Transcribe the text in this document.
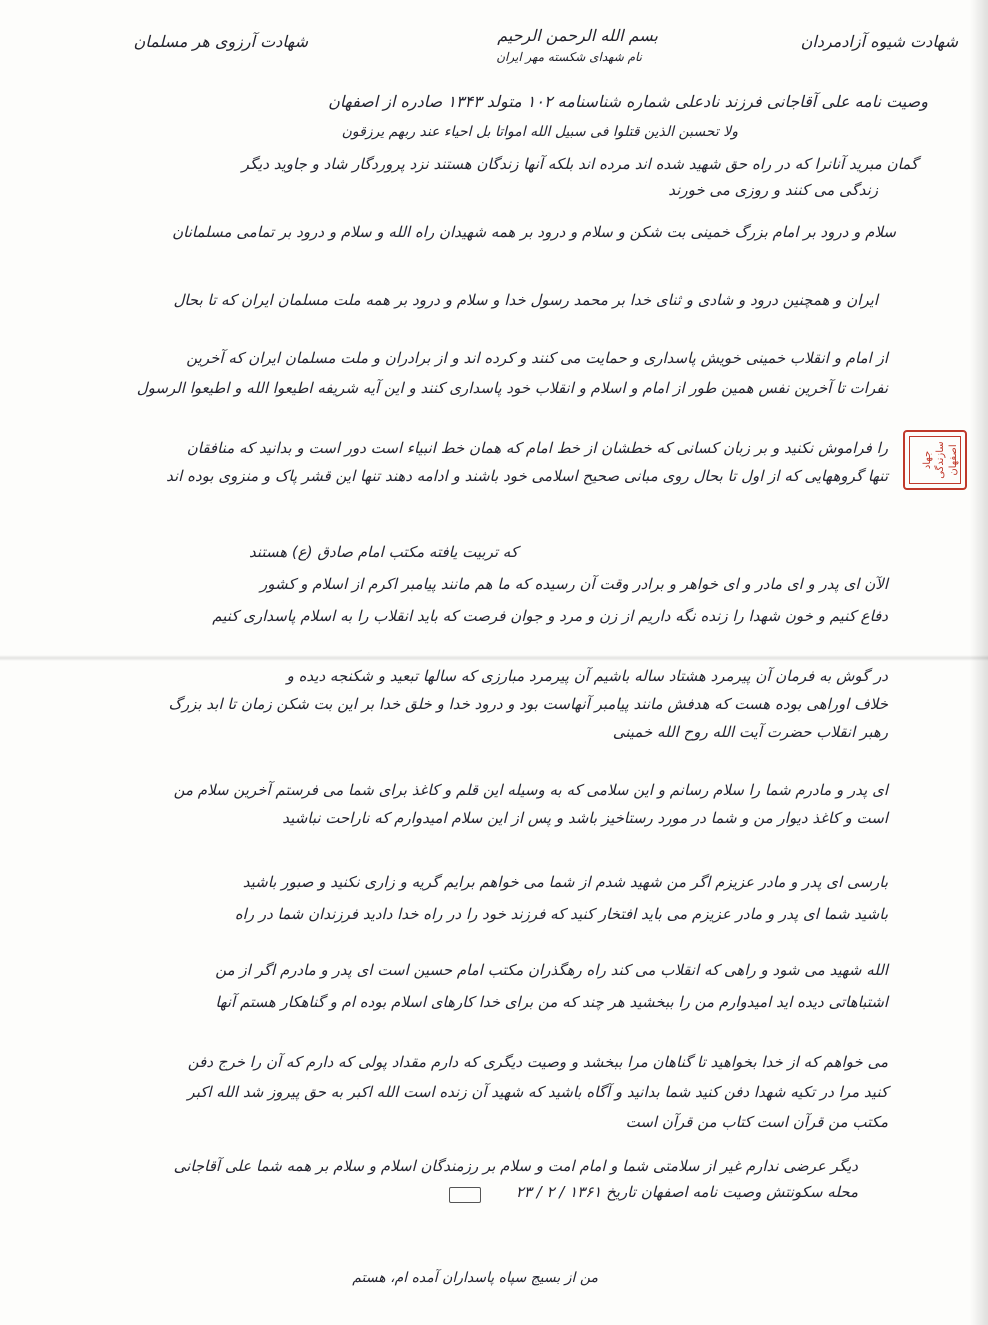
شهادت آرزوی هر مسلمان	بسم الله الرحمن الرحیم
نام شهدای شکسته مهر ایران
شهادت شیوه آزادمردان
وصیت نامه علی آقاجانی فرزند نادعلی شماره شناسنامه ۱۰۲ متولد ۱۳۴۳ صادره از اصفهان
ولا تحسبن الذین قتلوا فی سبیل الله امواتا بل احیاء عند ربهم یرزقون
گمان مبرید آنانرا که در راه حق شهید شده اند مرده اند بلکه آنها زندگان هستند نزد پروردگار شاد و جاوید دیگر
زندگی می کنند و روزی می خورند
سلام و درود بر امام بزرگ خمینی بت شکن و سلام و درود بر همه شهیدان راه الله و سلام و درود بر تمامی مسلمانان
ایران و همچنین درود و شادی و ثنای خدا بر محمد رسول خدا و سلام و درود بر همه ملت مسلمان ایران که تا بحال
از امام و انقلاب خمینی خویش پاسداری و حمایت می کنند و کرده اند و از برادران و ملت مسلمان ایران که آخرین
نفرات تا آخرین نفس همین طور از امام و اسلام و انقلاب خود پاسداری کنند و این آیه شریفه اطیعوا الله و اطیعوا الرسول
را فراموش نکنید و بر زبان کسانی که خطشان از خط امام که همان خط انبیاء است دور است و بدانید که منافقان
تنها گروههایی که از اول تا بحال روی مبانی صحیح اسلامی خود باشند و ادامه دهند تنها این قشر پاک و منزوی بوده اند
که تربیت یافته مکتب امام صادق (ع) هستند
الآن ای پدر و ای مادر و ای خواهر و برادر وقت آن رسیده که ما هم مانند پیامبر اکرم از اسلام و کشور
دفاع کنیم و خون شهدا را زنده نگه داریم از زن و مرد و جوان فرصت که باید انقلاب را به اسلام پاسداری کنیم
در گوش به فرمان آن پیرمرد هشتاد ساله باشیم آن پیرمرد مبارزی که سالها تبعید و شکنجه دیده و
خلاف اوراهی بوده هست که هدفش مانند پیامبر آنهاست بود و درود خدا و خلق خدا بر این بت شکن زمان تا ابد بزرگ
رهبر انقلاب حضرت آیت الله روح الله خمینی
ای پدر و مادرم شما را سلام رسانم و این سلامی که به وسیله این قلم و کاغذ برای شما می فرستم آخرین سلام من
است و کاغذ دیوار من و شما در مورد رستاخیز باشد و پس از این سلام امیدوارم که ناراحت نباشید
بارسی ای پدر و مادر عزیزم اگر من شهید شدم از شما می خواهم برایم گریه و زاری نکنید و صبور باشید
باشید شما ای پدر و مادر عزیزم می باید افتخار کنید که فرزند خود را در راه خدا دادید فرزندان شما در راه
الله شهید می شود و راهی که انقلاب می کند راه رهگذران مکتب امام حسین است ای پدر و مادرم اگر از من
اشتباهاتی دیده اید امیدوارم من را ببخشید هر چند که من برای خدا کارهای اسلام بوده ام و گناهکار هستم آنها
می خواهم که از خدا بخواهید تا گناهان مرا ببخشد و وصیت دیگری که دارم مقداد پولی که دارم که آن را خرج دفن
کنید مرا در تکیه شهدا دفن کنید شما بدانید و آگاه باشید که شهید آن زنده است الله اکبر به حق پیروز شد الله اکبر
مکتب من قرآن است کتاب من قرآن است
دیگر عرضی ندارم غیر از سلامتی شما و امام امت و سلام بر رزمندگان اسلام و سلام بر همه شما علی آقاجانی
محله سکونتش وصیت نامه اصفهان تاریخ ۱۳۶۱ / ۲ / ۲۳
من از بسیج سپاه پاسداران آمده ام، هستم
جهاد سازندگی اصفهان
